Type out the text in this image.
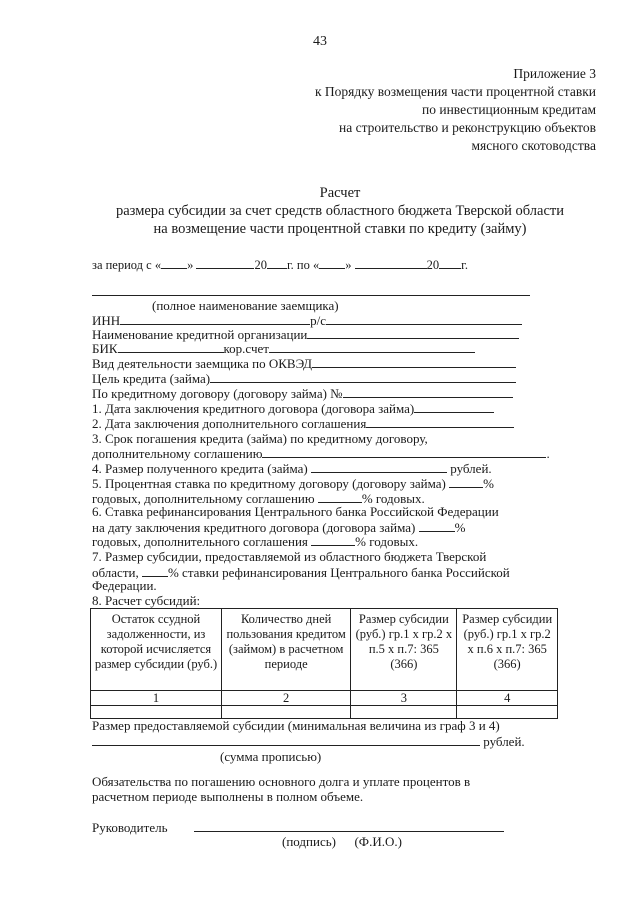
43
Приложение 3
к Порядку возмещения части процентной ставки
по инвестиционным кредитам
на строительство и реконструкцию объектов
мясного скотоводства
Расчет
размера субсидии за счет средств областного бюджета Тверской области
на возмещение части процентной ставки по кредиту (займу)
за период с « »	20 г. по « »	20 г.
(полное наименование заемщика)
ИНН	р/с
Наименование кредитной организации
БИК	кор.счет
Вид деятельности заемщика по ОКВЭД
Цель кредита (займа)
По кредитному договору (договору займа) №
1. Дата заключения кредитного договора (договора займа)
2. Дата заключения дополнительного соглашения
3. Срок погашения кредита (займа) по кредитному договору,
дополнительному соглашению	.
4. Размер полученного кредита (займа)	рублей.
5. Процентная ставка по кредитному договору (договору займа)	%
годовых, дополнительному соглашению	% годовых.
6. Ставка рефинансирования Центрального банка Российской Федерации
на дату заключения кредитного договора (договора займа)	%
годовых, дополнительного соглашения	% годовых.
7. Размер субсидии, предоставляемой из областного бюджета Тверской
области, % ставки рефинансирования Центрального банка Российской
Федерации.
8. Расчет субсидий:
Остаток ссудной задолженности, из которой исчисляется размер субсидии (руб.)	Количество дней пользования кредитом (займом) в расчетном периоде	Размер субсидии (руб.) гр.1 х гр.2 х п.5 х п.7: 365 (366)	Размер субсидии (руб.) гр.1 х гр.2 х п.6 х п.7: 365 (366)
1	2	3	4

Размер предоставляемой субсидии (минимальная величина из граф 3 и 4)
рублей.
(сумма прописью)
Обязательства по погашению основного долга и уплате процентов в
расчетном периоде выполнены в полном объеме.
Руководитель
(подпись) (Ф.И.О.)
